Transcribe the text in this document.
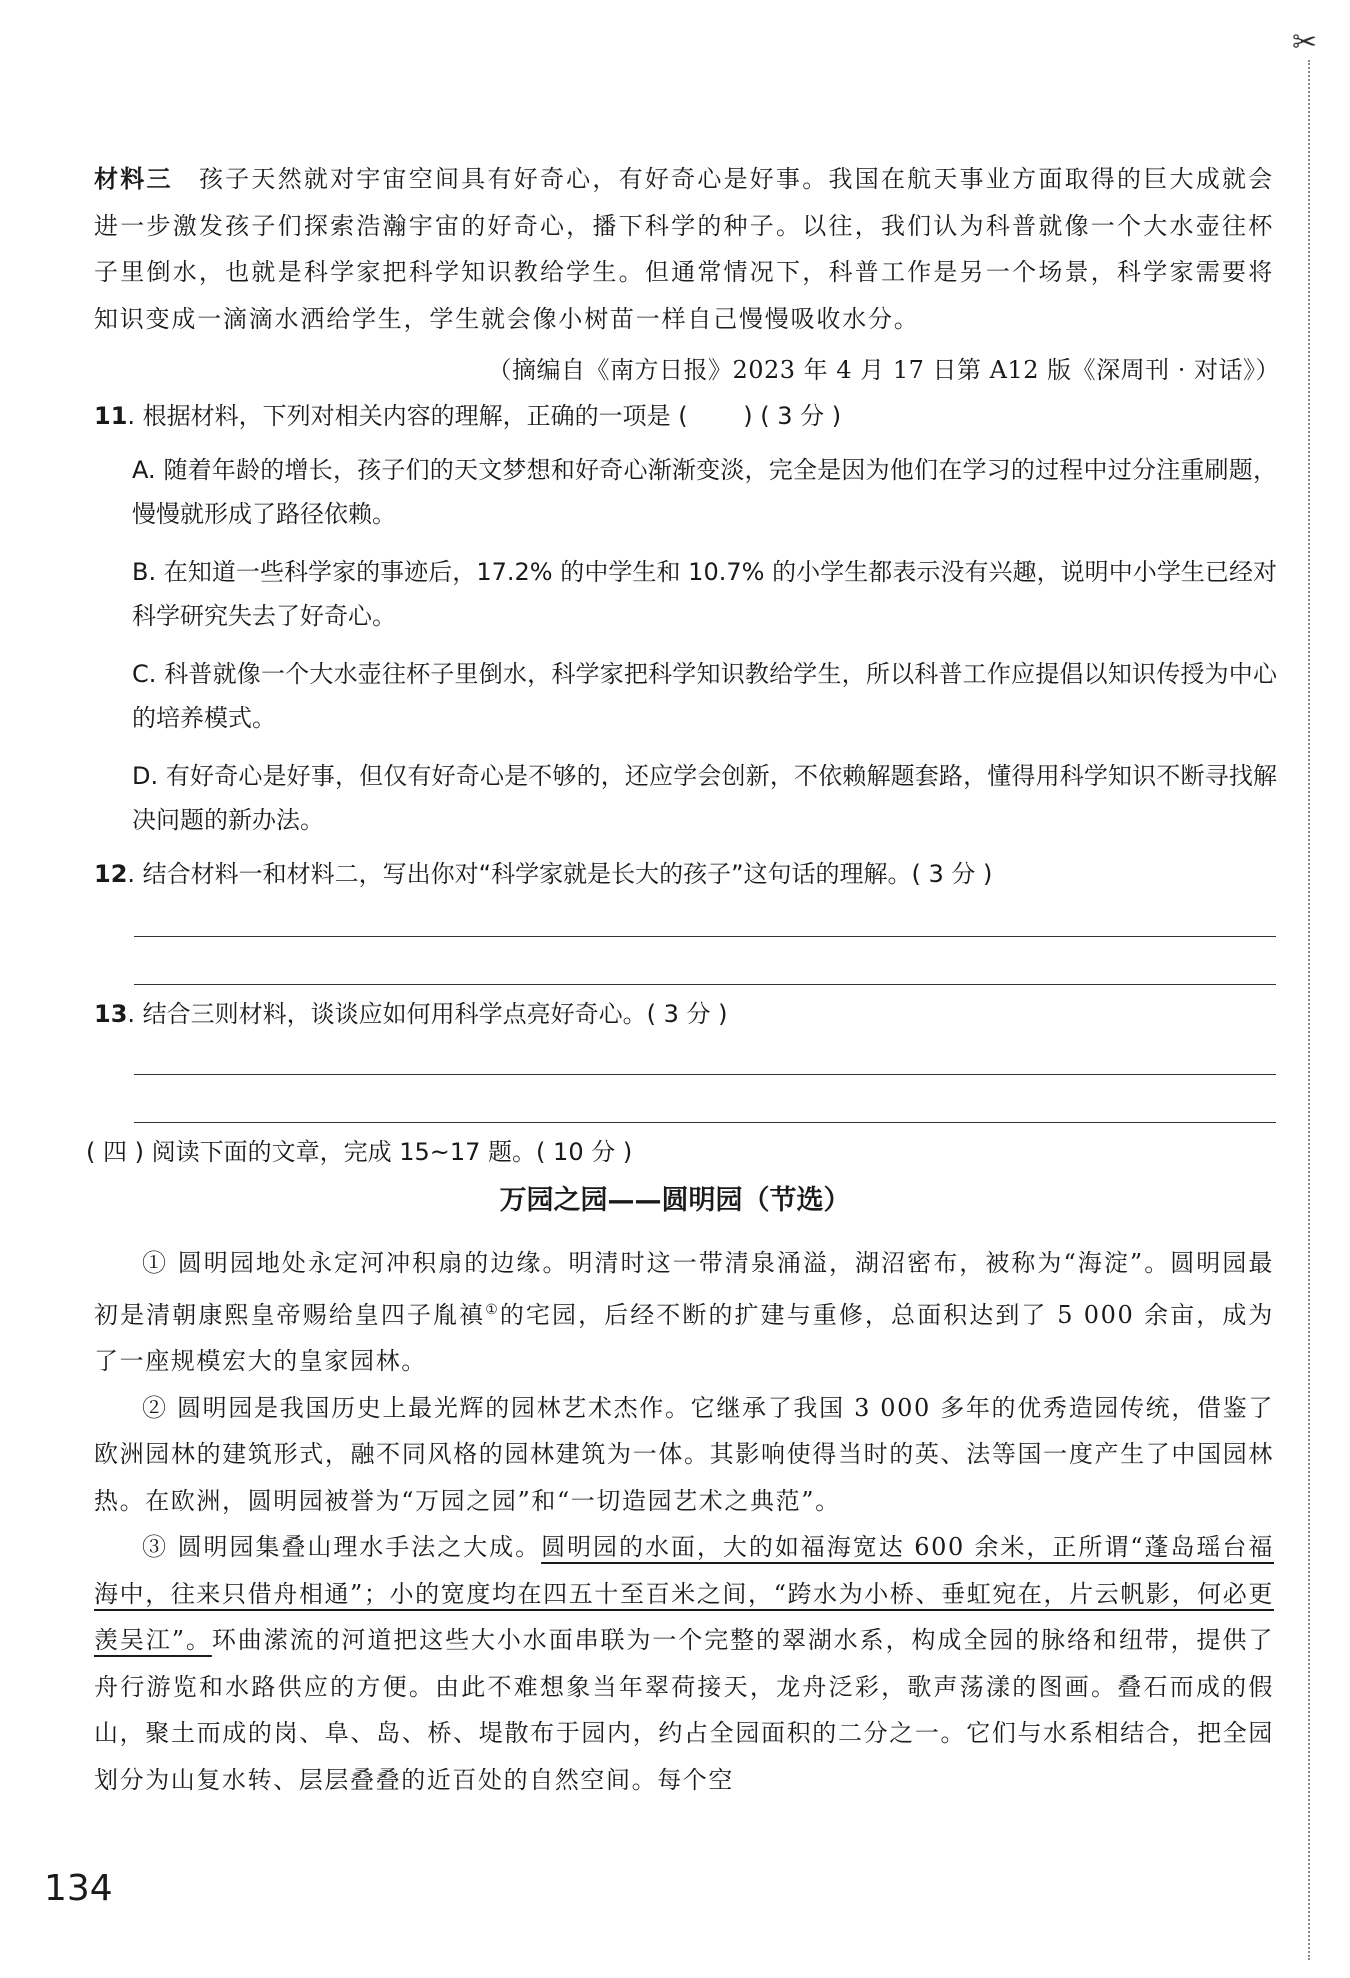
✂

材料三　 孩子天然就对宇宙空间具有好奇心，有好奇心是好事。我国在航天事业方面取得的巨大成就会进一步激发孩子们探索浩瀚宇宙的好奇心，播下科学的种子。以往，我们认为科普就像一个大水壶往杯子里倒水，也就是科学家把科学知识教给学生。但通常情况下，科普工作是另一个场景，科学家需要将知识变成一滴滴水洒给学生，学生就会像小树苗一样自己慢慢吸收水分。

（摘编自《南方日报》2023 年 4 月 17 日第 A12 版《深周刊 · 对话》）
11. 根据材料，下列对相关内容的理解，正确的一项是 (　　 ) ( 3 分 )

A. 随着年龄的增长，孩子们的天文梦想和好奇心渐渐变淡，完全是因为他们在学习的过程中过分注重刷题，慢慢就形成了路径依赖。

B. 在知道一些科学家的事迹后，17.2% 的中学生和 10.7% 的小学生都表示没有兴趣，说明中小学生已经对科学研究失去了好奇心。

C. 科普就像一个大水壶往杯子里倒水，科学家把科学知识教给学生，所以科普工作应提倡以知识传授为中心的培养模式。

D. 有好奇心是好事，但仅有好奇心是不够的，还应学会创新，不依赖解题套路，懂得用科学知识不断寻找解决问题的新办法。

12. 结合材料一和材料二，写出你对“科学家就是长大的孩子”这句话的理解。( 3 分 )
13. 结合三则材料，谈谈应如何用科学点亮好奇心。( 3 分 )
( 四 ) 阅读下面的文章，完成 15~17 题。( 10 分 )
万园之园——圆明园（节选）

① 圆明园地处永定河冲积扇的边缘。明清时这一带清泉涌溢，湖沼密布，被称为“海淀”。圆明园最初是清朝康熙皇帝赐给皇四子胤禛①的宅园，后经不断的扩建与重修，总面积达到了 5 000 余亩，成为了一座规模宏大的皇家园林。

② 圆明园是我国历史上最光辉的园林艺术杰作。它继承了我国 3 000 多年的优秀造园传统，借鉴了欧洲园林的建筑形式，融不同风格的园林建筑为一体。其影响使得当时的英、法等国一度产生了中国园林热。在欧洲，圆明园被誉为“万园之园”和“一切造园艺术之典范”。

③ 圆明园集叠山理水手法之大成。圆明园的水面，大的如福海宽达 600 余米，正所谓“蓬岛瑶台福海中，往来只借舟相通”；小的宽度均在四五十至百米之间，“跨水为小桥、垂虹宛在，片云帆影，何必更羡吴江”。环曲潆流的河道把这些大小水面串联为一个完整的翠湖水系，构成全园的脉络和纽带，提供了舟行游览和水路供应的方便。由此不难想象当年翠荷接天，龙舟泛彩，歌声荡漾的图画。叠石而成的假山，聚土而成的岗、阜、岛、桥、堤散布于园内，约占全园面积的二分之一。它们与水系相结合，把全园划分为山复水转、层层叠叠的近百处的自然空间。每个空

134
